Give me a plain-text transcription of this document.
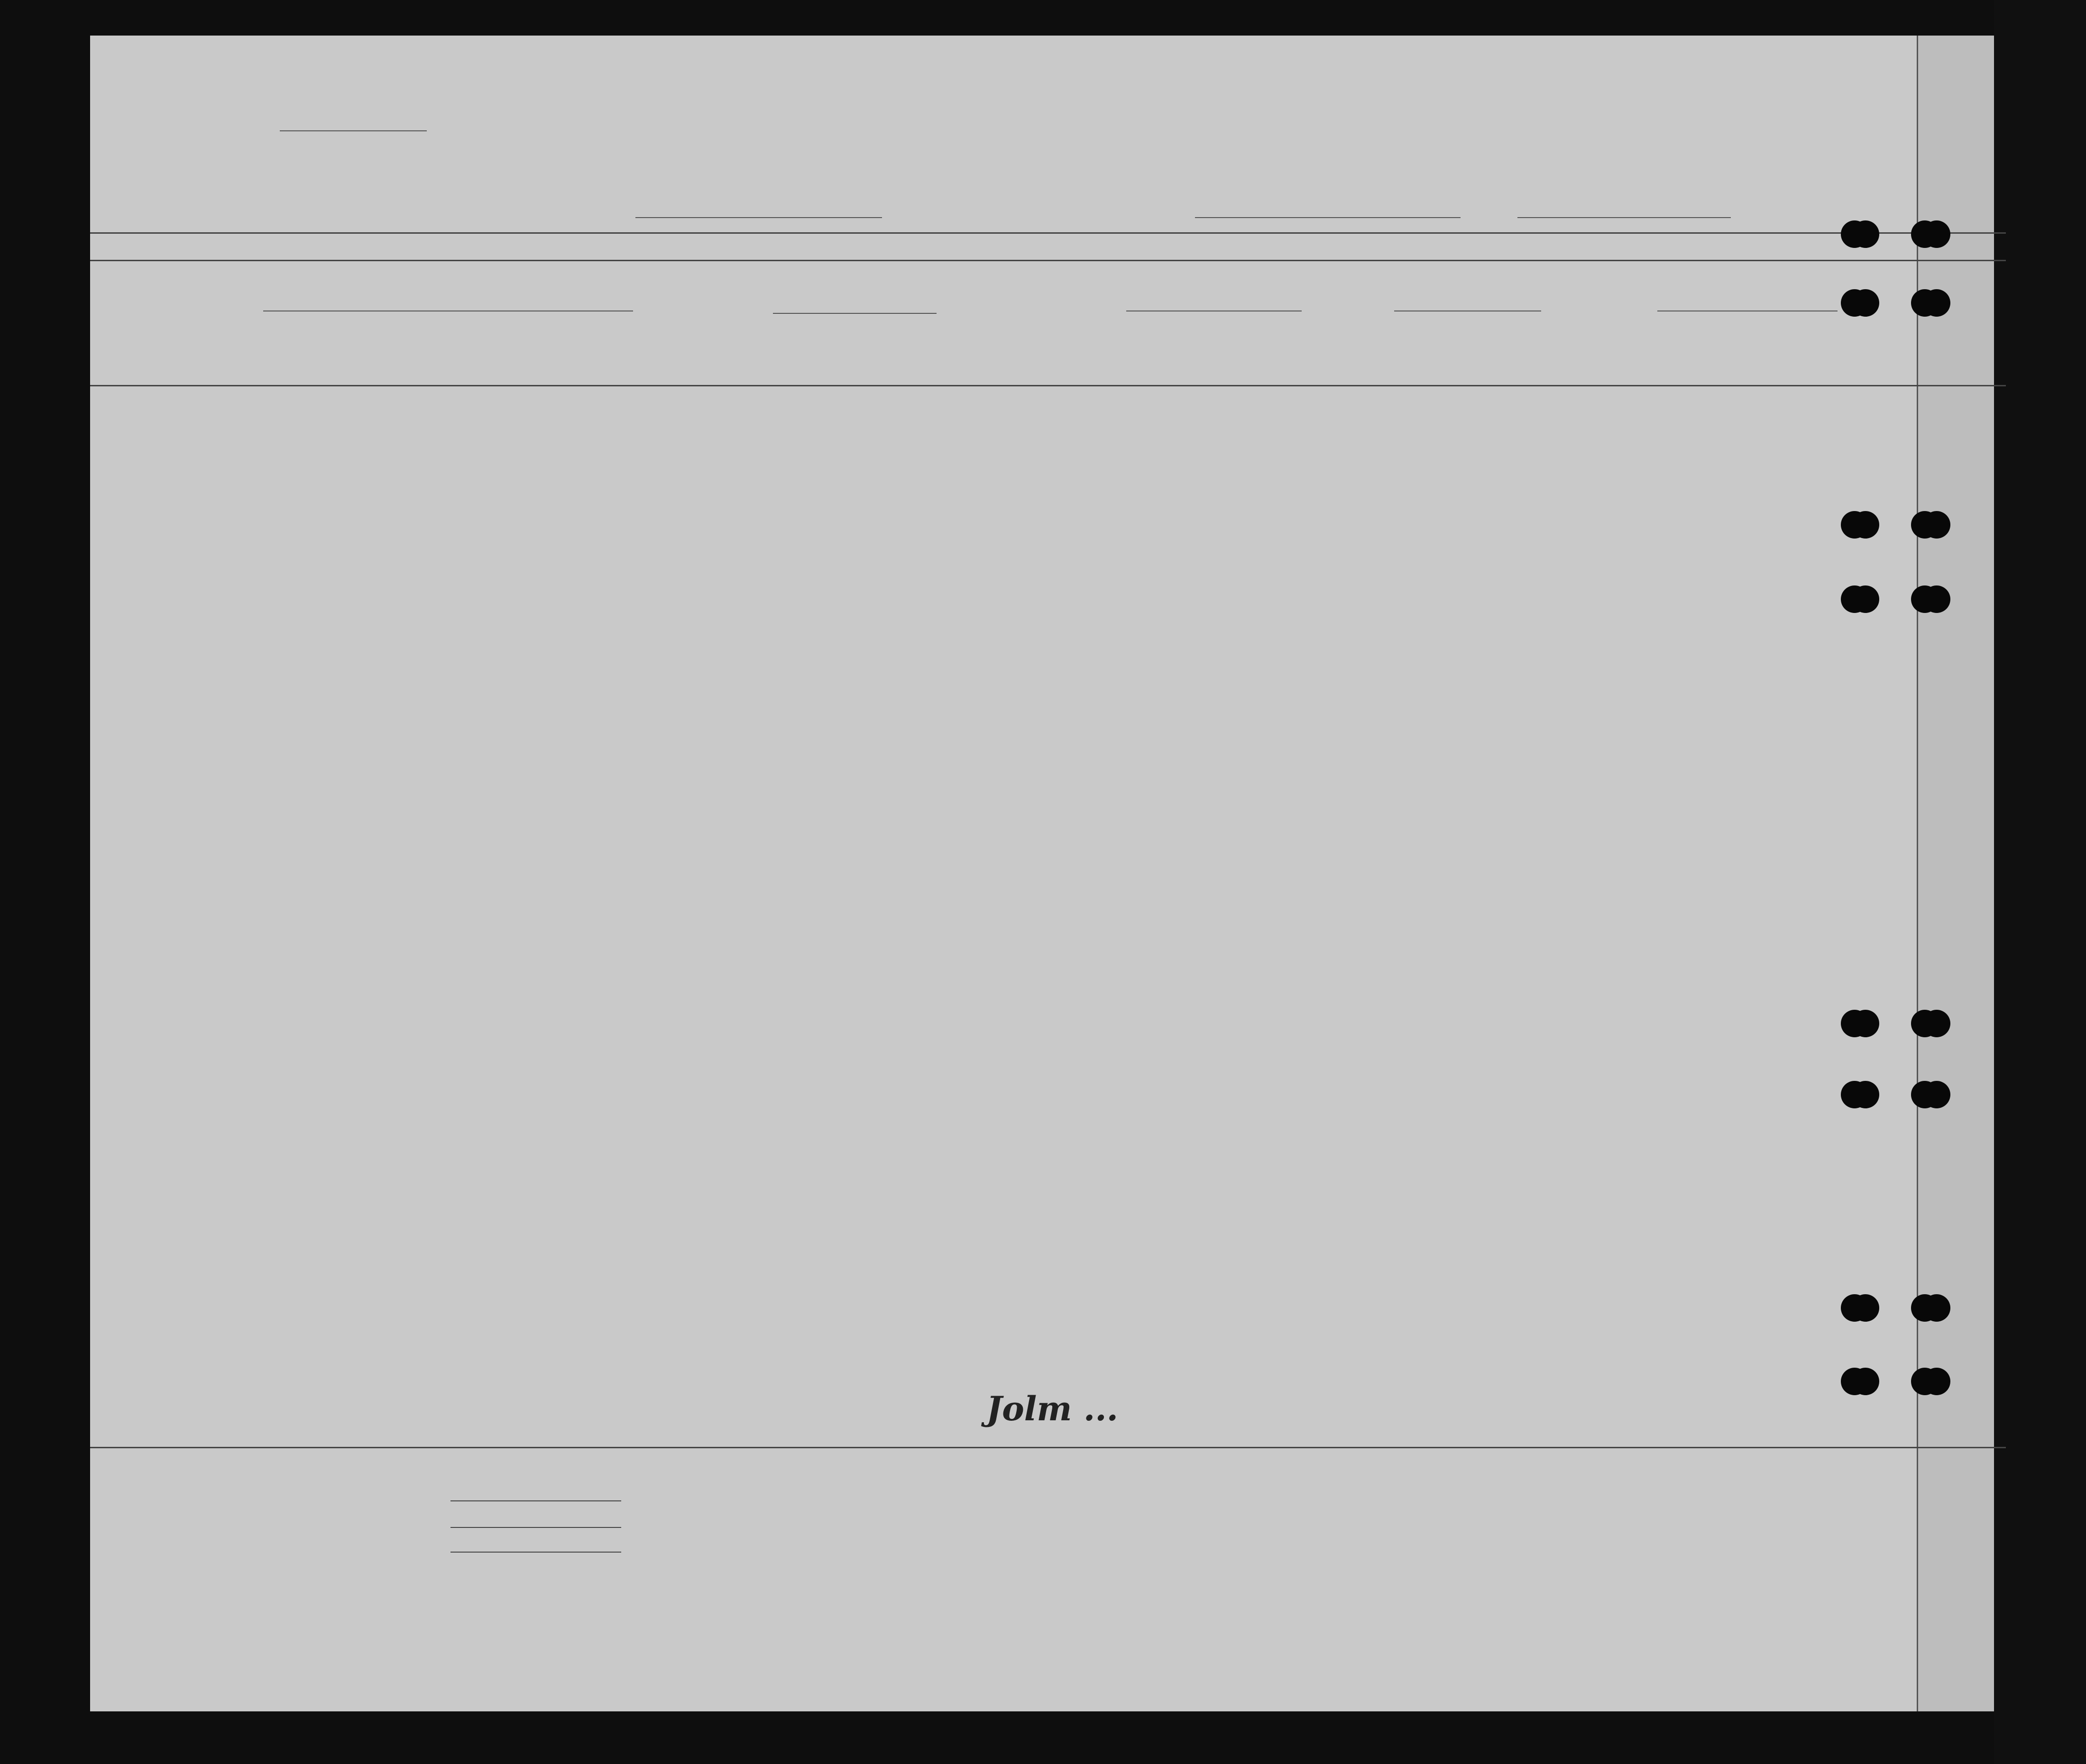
Jolm ...
